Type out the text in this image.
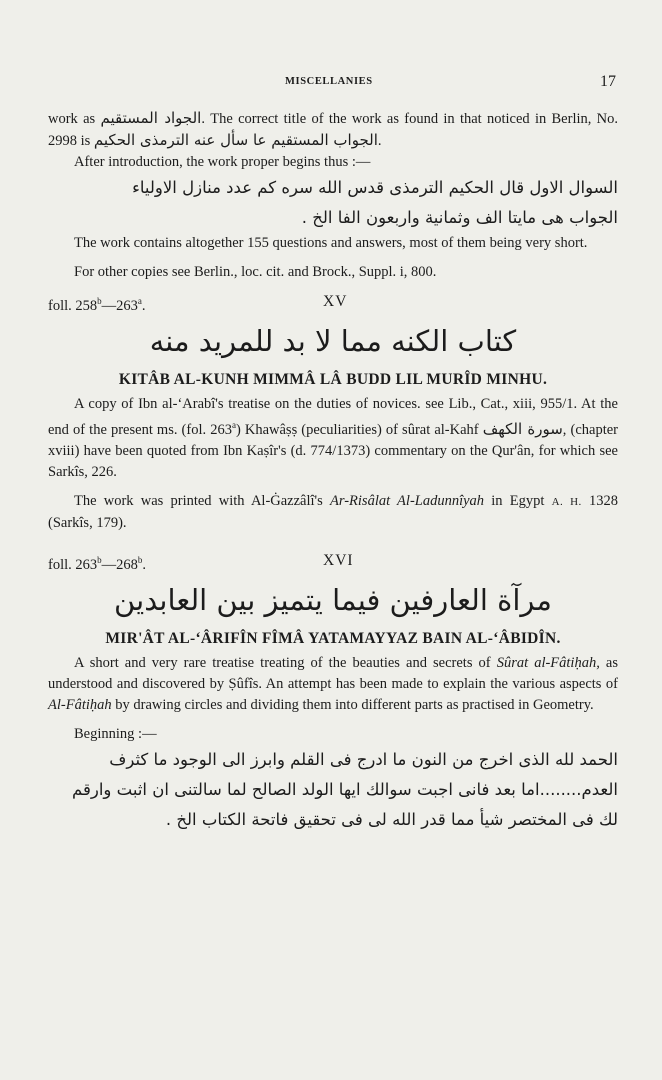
MISCELLANIES	17

work as الجواد المستقيم. The correct title of the work as found in that noticed in Berlin, No. 2998 is الجواب المستقيم عا سأل عنه الترمذى الحكيم.

After introduction, the work proper begins thus :—

السوال الاول قال الحكيم الترمذى قدس الله سره كم عدد منازل الاولياء

الجواب هى مايتا الف وثمانية واربعون الفا الخ .

The work contains altogether 155 questions and answers, most of them being very short.

For other copies see Berlin., loc. cit. and Brock., Suppl. i, 800.

foll. 258$^b$—263$^a$.	XV
كتاب الكنه مما لا بد للمريد منه
KITÂB AL-KUNH MIMMÂ LÂ BUDD LIL MURÎD MINHU.

A copy of Ibn al-‘Arabî's treatise on the duties of novices. see Lib., Cat., xiii, 955/1. At the end of the present ms. (fol. 263$^a$) Khawâṣṣ (peculiarities) of sûrat al-Kahf سورة الكهف, (chapter xviii) have been quoted from Ibn Kaṣîr's (d. 774/1373) commentary on the Qur'ân, for which see Sarkîs, 226.

The work was printed with Al-Ġazzâlî's Ar-Risâlat Al-Ladunnîyah in Egypt A. H. 1328 (Sarkîs, 179).

foll. 263$^b$—268$^b$.	XVI
مرآة العارفين فيما يتميز بين العابدين
MIR'ÂT AL-‘ÂRIFÎN FÎMÂ YATAMAYYAZ BAIN AL-‘ÂBIDÎN.

A short and very rare treatise treating of the beauties and secrets of Sûrat al-Fâtiḥah, as understood and discovered by Ṣûfîs. An attempt has been made to explain the various aspects of Al-Fâtiḥah by drawing circles and dividing them into different parts as practised in Geometry.

Beginning :—

الحمد لله الذى اخرج من النون ما ادرج فى القلم وابرز الى الوجود ما كثرف

العدم........اما بعد فانى اجبت سوالك ايها الولد الصالح لما سالتنى ان اثبت وارقم

لك فى المختصر شيأ مما قدر الله لى فى تحقيق فاتحة الكتاب الخ .
